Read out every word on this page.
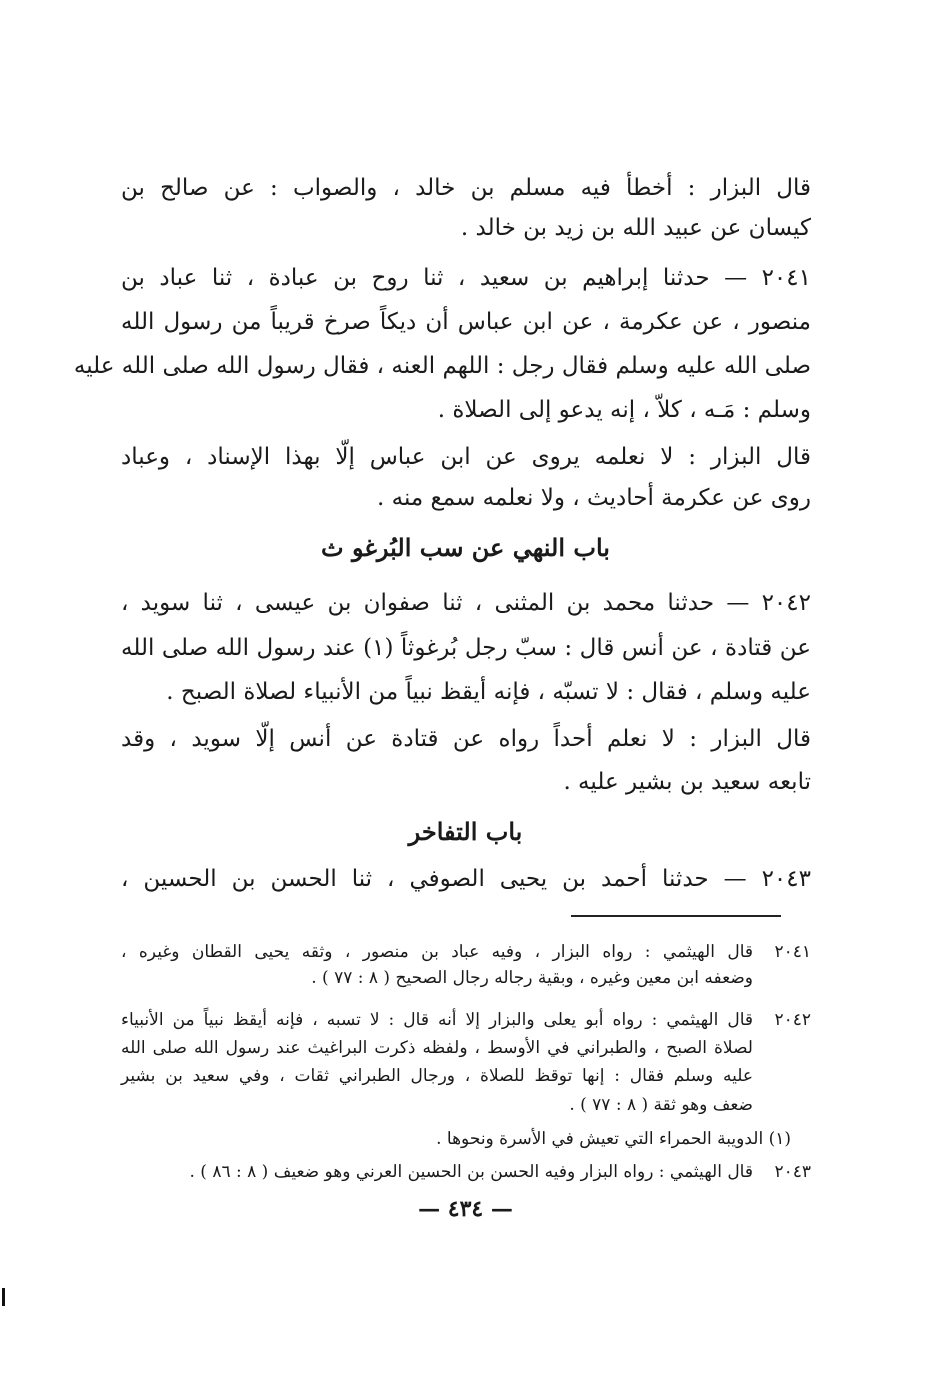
قال البزار : أخطأ فيه مسلم بن خالد ، والصواب : عن صالح بن

كيسان عن عبيد الله بن زيد بن خالد .

٢٠٤١ — حدثنا إبراهيم بن سعيد ، ثنا روح بن عبادة ، ثنا عباد بن

منصور ، عن عكرمة ، عن ابن عباس أن ديكاً صرخ قريباً من رسول الله

صلى الله عليه وسلم فقال رجل : اللهم العنه ، فقال رسول الله صلى الله عليه

وسلم : مَـه ، كلاّ ، إنه يدعو إلى الصلاة .

قال البزار : لا نعلمه يروى عن ابن عباس إلّا بهذا الإسناد ، وعباد

روى عن عكرمة أحاديث ، ولا نعلمه سمع منه .

باب النهي عن سب البُرغو ث

٢٠٤٢ — حدثنا محمد بن المثنى ، ثنا صفوان بن عيسى ، ثنا سويد ،

عن قتادة ، عن أنس قال : سبّ رجل بُرغوثاً (١) عند رسول الله صلى الله

عليه وسلم ، فقال : لا تسبّه ، فإنه أيقظ نبياً من الأنبياء لصلاة الصبح .

قال البزار : لا نعلم أحداً رواه عن قتادة عن أنس إلّا سويد ، وقد

تابعه سعيد بن بشير عليه .

باب التفاخر

٢٠٤٣ — حدثنا أحمد بن يحيى الصوفي ، ثنا الحسن بن الحسين ،

٢٠٤١

قال الهيثمي : رواه البزار ، وفيه عباد بن منصور ، وثقه يحيى القطان وغيره ،

وضعفه ابن معين وغيره ، وبقية رجاله رجال الصحيح ( ٨ : ٧٧ ) .

٢٠٤٢

قال الهيثمي : رواه أبو يعلى والبزار إلا أنه قال : لا تسبه ، فإنه أيقظ نبياً من الأنبياء

لصلاة الصبح ، والطبراني في الأوسط ، ولفظه ذكرت البراغيث عند رسول الله صلى الله

عليه وسلم فقال : إنها توقظ للصلاة ، ورجال الطبراني ثقات ، وفي سعيد بن بشير

ضعف وهو ثقة ( ٨ : ٧٧ ) .

(١) الدويبة الحمراء التي تعيش في الأسرة ونحوها .

٢٠٤٣

قال الهيثمي : رواه البزار وفيه الحسن بن الحسين العرني وهو ضعيف ( ٨ : ٨٦ ) .

— ٤٣٤ —
